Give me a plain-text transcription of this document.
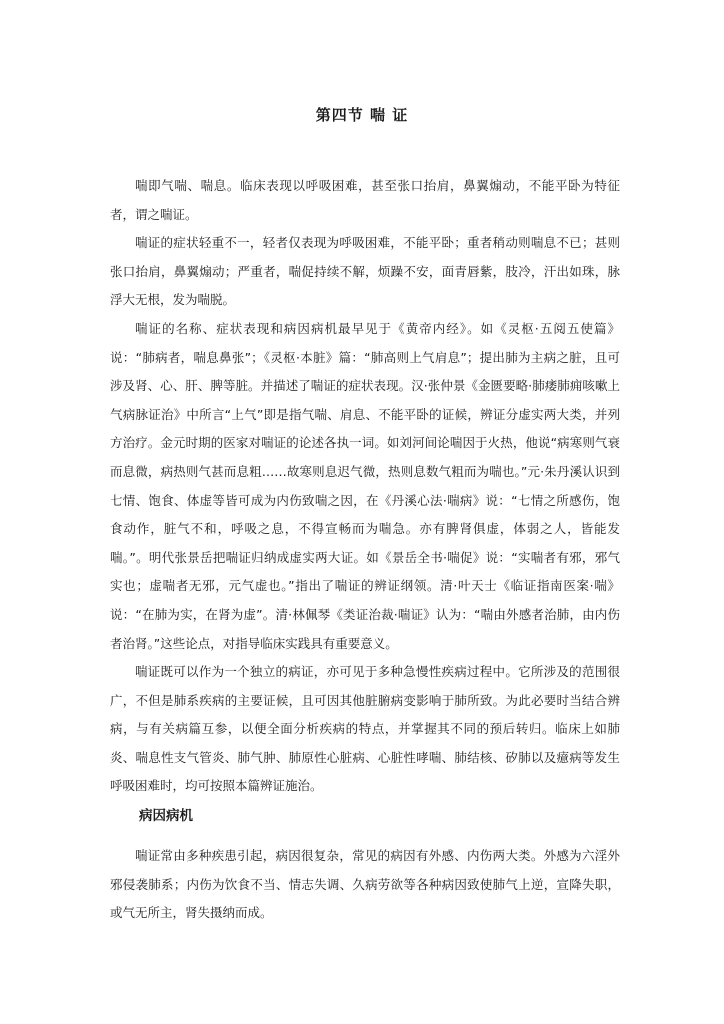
第四节 喘 证

喘即气喘、喘息。临床表现以呼吸困难，甚至张口抬肩，鼻翼煽动，不能平卧为特征者，谓之喘证。

喘证的症状轻重不一，轻者仅表现为呼吸困难，不能平卧；重者稍动则喘息不已；甚则张口抬肩，鼻翼煽动；严重者，喘促持续不解，烦躁不安，面青唇紫，肢冷，汗出如珠，脉浮大无根，发为喘脱。

喘证的名称、症状表现和病因病机最早见于《黄帝内经》。如《灵枢·五阅五使篇》说：“肺病者，喘息鼻张”；《灵枢·本脏》篇：“肺高则上气肩息”；提出肺为主病之脏，且可涉及肾、心、肝、脾等脏。并描述了喘证的症状表现。汉·张仲景《金匮要略·肺痿肺痈咳嗽上气病脉证治》中所言“上气”即是指气喘、肩息、不能平卧的证候，辨证分虚实两大类，并列方治疗。金元时期的医家对喘证的论述各执一词。如刘河间论喘因于火热，他说“病寒则气衰而息微，病热则气甚而息粗……故寒则息迟气微，热则息数气粗而为喘也。”元·朱丹溪认识到七情、饱食、体虚等皆可成为内伤致喘之因，在《丹溪心法·喘病》说：“七情之所感伤，饱食动作，脏气不和，呼吸之息，不得宣畅而为喘急。亦有脾肾俱虚，体弱之人，皆能发喘。”。明代张景岳把喘证归纳成虚实两大证。如《景岳全书·喘促》说：“实喘者有邪，邪气实也；虚喘者无邪，元气虚也。”指出了喘证的辨证纲领。清·叶天士《临证指南医案·喘》说：“在肺为实，在肾为虚”。清·林佩琴《类证治裁·喘证》认为：“喘由外感者治肺，由内伤者治肾。”这些论点，对指导临床实践具有重要意义。

喘证既可以作为一个独立的病证，亦可见于多种急慢性疾病过程中。它所涉及的范围很广，不但是肺系疾病的主要证候，且可因其他脏腑病变影响于肺所致。为此必要时当结合辨病，与有关病篇互参，以便全面分析疾病的特点，并掌握其不同的预后转归。临床上如肺炎、喘息性支气管炎、肺气肿、肺原性心脏病、心脏性哮喘、肺结核、矽肺以及癔病等发生呼吸困难时，均可按照本篇辨证施治。

病因病机

喘证常由多种疾患引起，病因很复杂，常见的病因有外感、内伤两大类。外感为六淫外邪侵袭肺系；内伤为饮食不当、情志失调、久病劳欲等各种病因致使肺气上逆，宣降失职，或气无所主，肾失摄纳而成。
